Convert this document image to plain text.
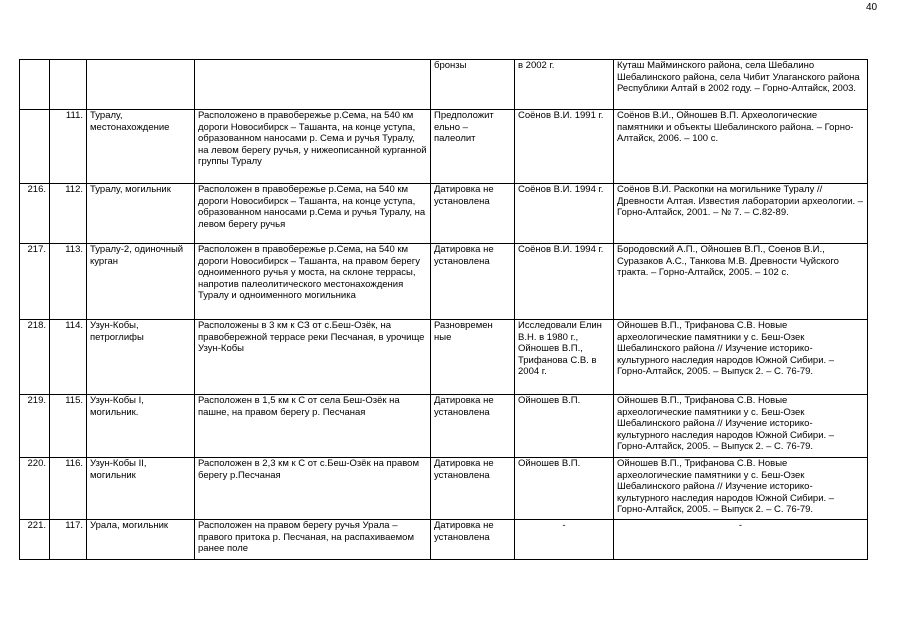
40
				бронзы	в 2002 г.	Куташ Майминского района, села Шебалино Шебалинского района, села Чибит Улаганского района Республики Алтай в 2002 году. – Горно-Алтайск, 2003.
	111.	Туралу, местонахождение	Расположено в правобережье р.Сема, на 540 км дороги Новосибирск – Ташанта, на конце уступа, образованном наносами р. Сема и ручья Туралу, на левом берегу ручья, у нижеописанной курганной группы Туралу	Предположит ельно – палеолит	Соёнов В.И. 1991 г.	Соёнов В.И., Ойношев В.П. Археологические памятники и объекты Шебалинского района. – Горно-Алтайск, 2006. – 100 с.
216.	112.	Туралу, могильник	Расположен в правобережье р.Сема, на 540 км дороги Новосибирск – Ташанта, на конце уступа, образованном наносами р.Сема и ручья Туралу, на левом берегу ручья	Датировка не установлена	Соёнов В.И. 1994 г.	Соёнов В.И. Раскопки на могильнике Туралу //Древности Алтая. Известия лаборатории археологии. – Горно-Алтайск, 2001. – № 7. – С.82-89.
217.	113.	Туралу-2, одиночный курган	Расположен в правобережье р.Сема, на 540 км дороги Новосибирск – Ташанта, на правом берегу одноименного ручья у моста, на склоне террасы, напротив палеолитического местонахождения Туралу и одноименного могильника	Датировка не установлена	Соёнов В.И. 1994 г.	Бородовский А.П., Ойношев В.П., Соенов В.И., Суразаков А.С., Танкова М.В. Древности Чуйского тракта. – Горно-Алтайск, 2005. – 102 с.
218.	114.	Узун-Кобы, петроглифы	Расположены в 3 км к СЗ от с.Беш-Озёк, на правобережной террасе реки Песчаная, в урочище Узун-Кобы	Разновремен ные	Исследовали Елин В.Н. в 1980 г., Ойношев В.П., Трифанова С.В. в 2004 г.	Ойношев В.П., Трифанова С.В. Новые археологические памятники у с. Беш-Озек Шебалинского района // Изучение историко-культурного наследия народов Южной Сибири. – Горно-Алтайск, 2005. – Выпуск 2. – С. 76-79.
219.	115.	Узун-Кобы I, могильник.	Расположен в 1,5 км к С от села Беш-Озёк на пашне, на правом берегу р. Песчаная	Датировка не установлена	Ойношев В.П.	Ойношев В.П., Трифанова С.В. Новые археологические памятники у с. Беш-Озек Шебалинского района // Изучение историко-культурного наследия народов Южной Сибири. – Горно-Алтайск, 2005. – Выпуск 2. – С. 76-79.
220.	116.	Узун-Кобы II, могильник	Расположен в 2,3 км к С от с.Беш-Озёк на правом берегу р.Песчаная	Датировка не установлена	Ойношев В.П.	Ойношев В.П., Трифанова С.В. Новые археологические памятники у с. Беш-Озек Шебалинского района // Изучение историко-культурного наследия народов Южной Сибири. – Горно-Алтайск, 2005. – Выпуск 2. – С. 76-79.
221.	117.	Урала, могильник	Расположен на правом берегу ручья Урала – правого притока р. Песчаная, на распахиваемом ранее поле	Датировка не установлена	-	-
